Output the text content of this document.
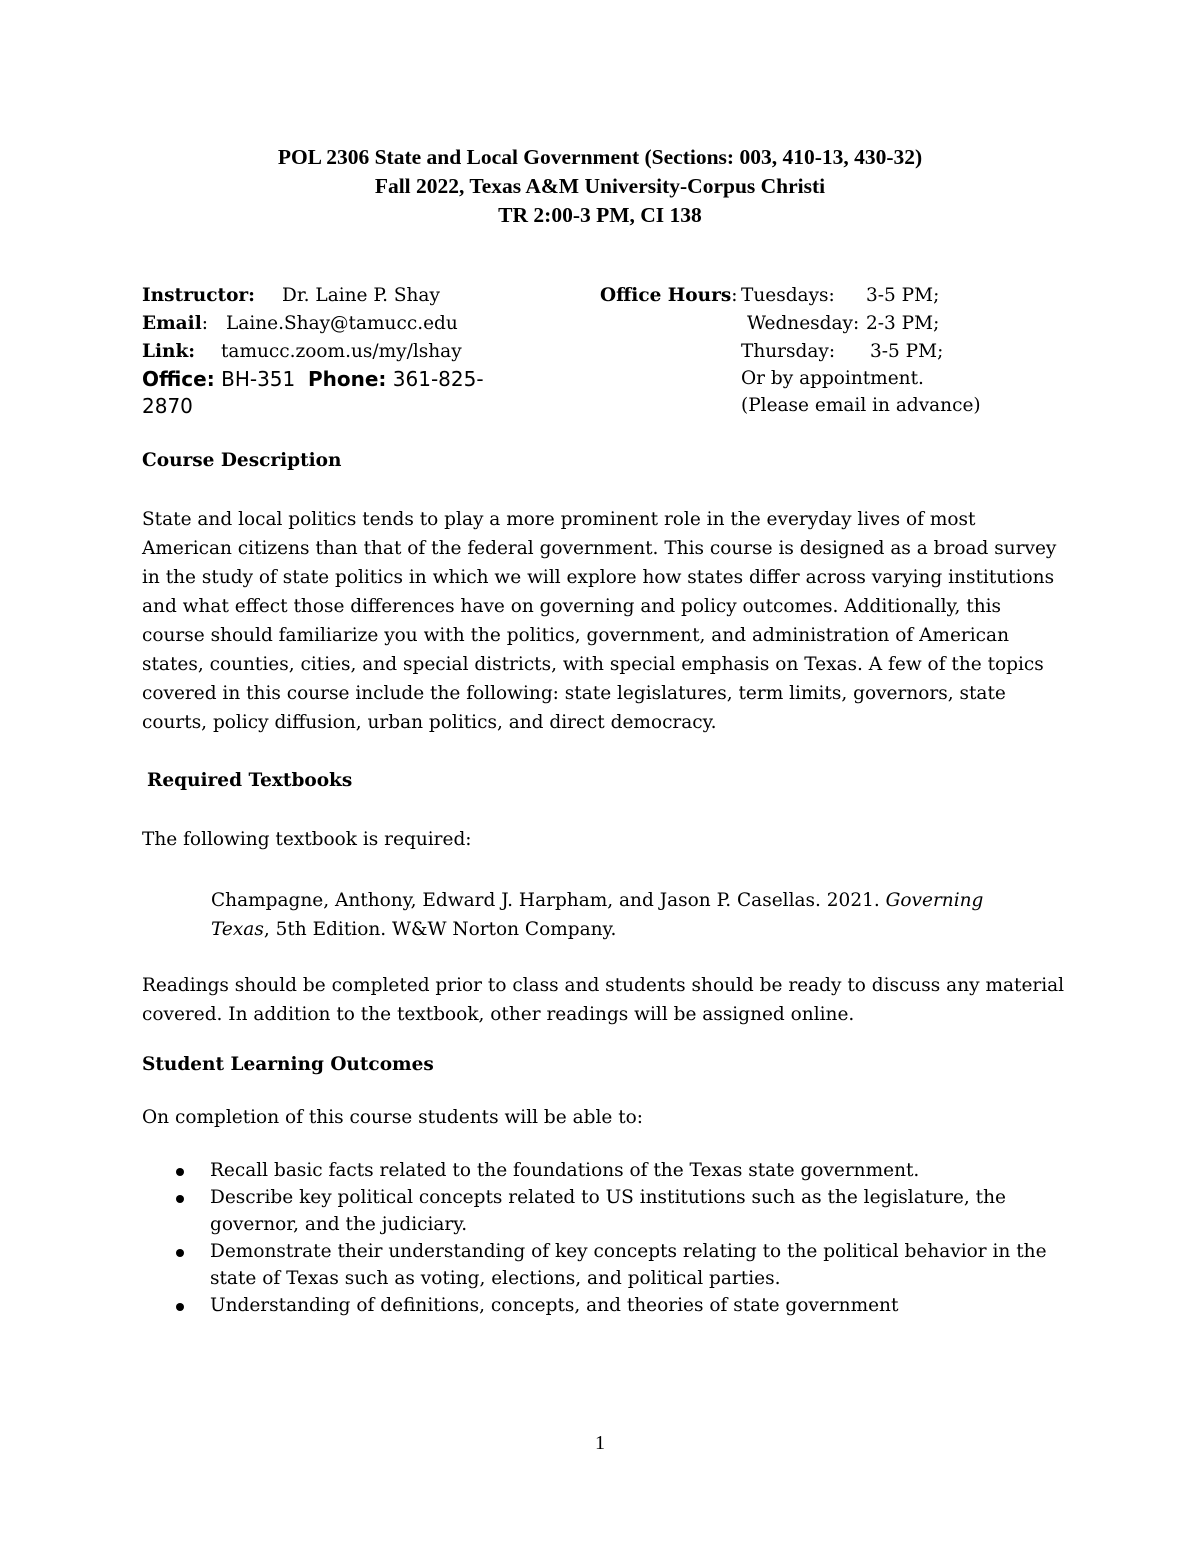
POL 2306 State and Local Government (Sections: 003, 410-13, 430-32)
Fall 2022, Texas A&M University-Corpus Christi
TR 2:00-3 PM, CI 138
Instructor: Dr. Laine P. Shay
Email: Laine.Shay@tamucc.edu
Link: tamucc.zoom.us/my/lshay
Office: BH-351 Phone: 361-825-
2870
Office Hours: Tuesdays: 3-5 PM;
Wednesday: 2-3 PM;
Thursday: 3-5 PM;
Or by appointment.
(Please email in advance)
Course Description
State and local politics tends to play a more prominent role in the everyday lives of most
American citizens than that of the federal government. This course is designed as a broad survey
in the study of state politics in which we will explore how states differ across varying institutions
and what effect those differences have on governing and policy outcomes. Additionally, this
course should familiarize you with the politics, government, and administration of American
states, counties, cities, and special districts, with special emphasis on Texas. A few of the topics
covered in this course include the following: state legislatures, term limits, governors, state
courts, policy diffusion, urban politics, and direct democracy.
Required Textbooks
The following textbook is required:
Champagne, Anthony, Edward J. Harpham, and Jason P. Casellas. 2021. Governing
Texas, 5th Edition. W&W Norton Company.
Readings should be completed prior to class and students should be ready to discuss any material
covered. In addition to the textbook, other readings will be assigned online.
Student Learning Outcomes
On completion of this course students will be able to:
Recall basic facts related to the foundations of the Texas state government.
Describe key political concepts related to US institutions such as the legislature, the
governor, and the judiciary.
Demonstrate their understanding of key concepts relating to the political behavior in the
state of Texas such as voting, elections, and political parties.
Understanding of definitions, concepts, and theories of state government
1
